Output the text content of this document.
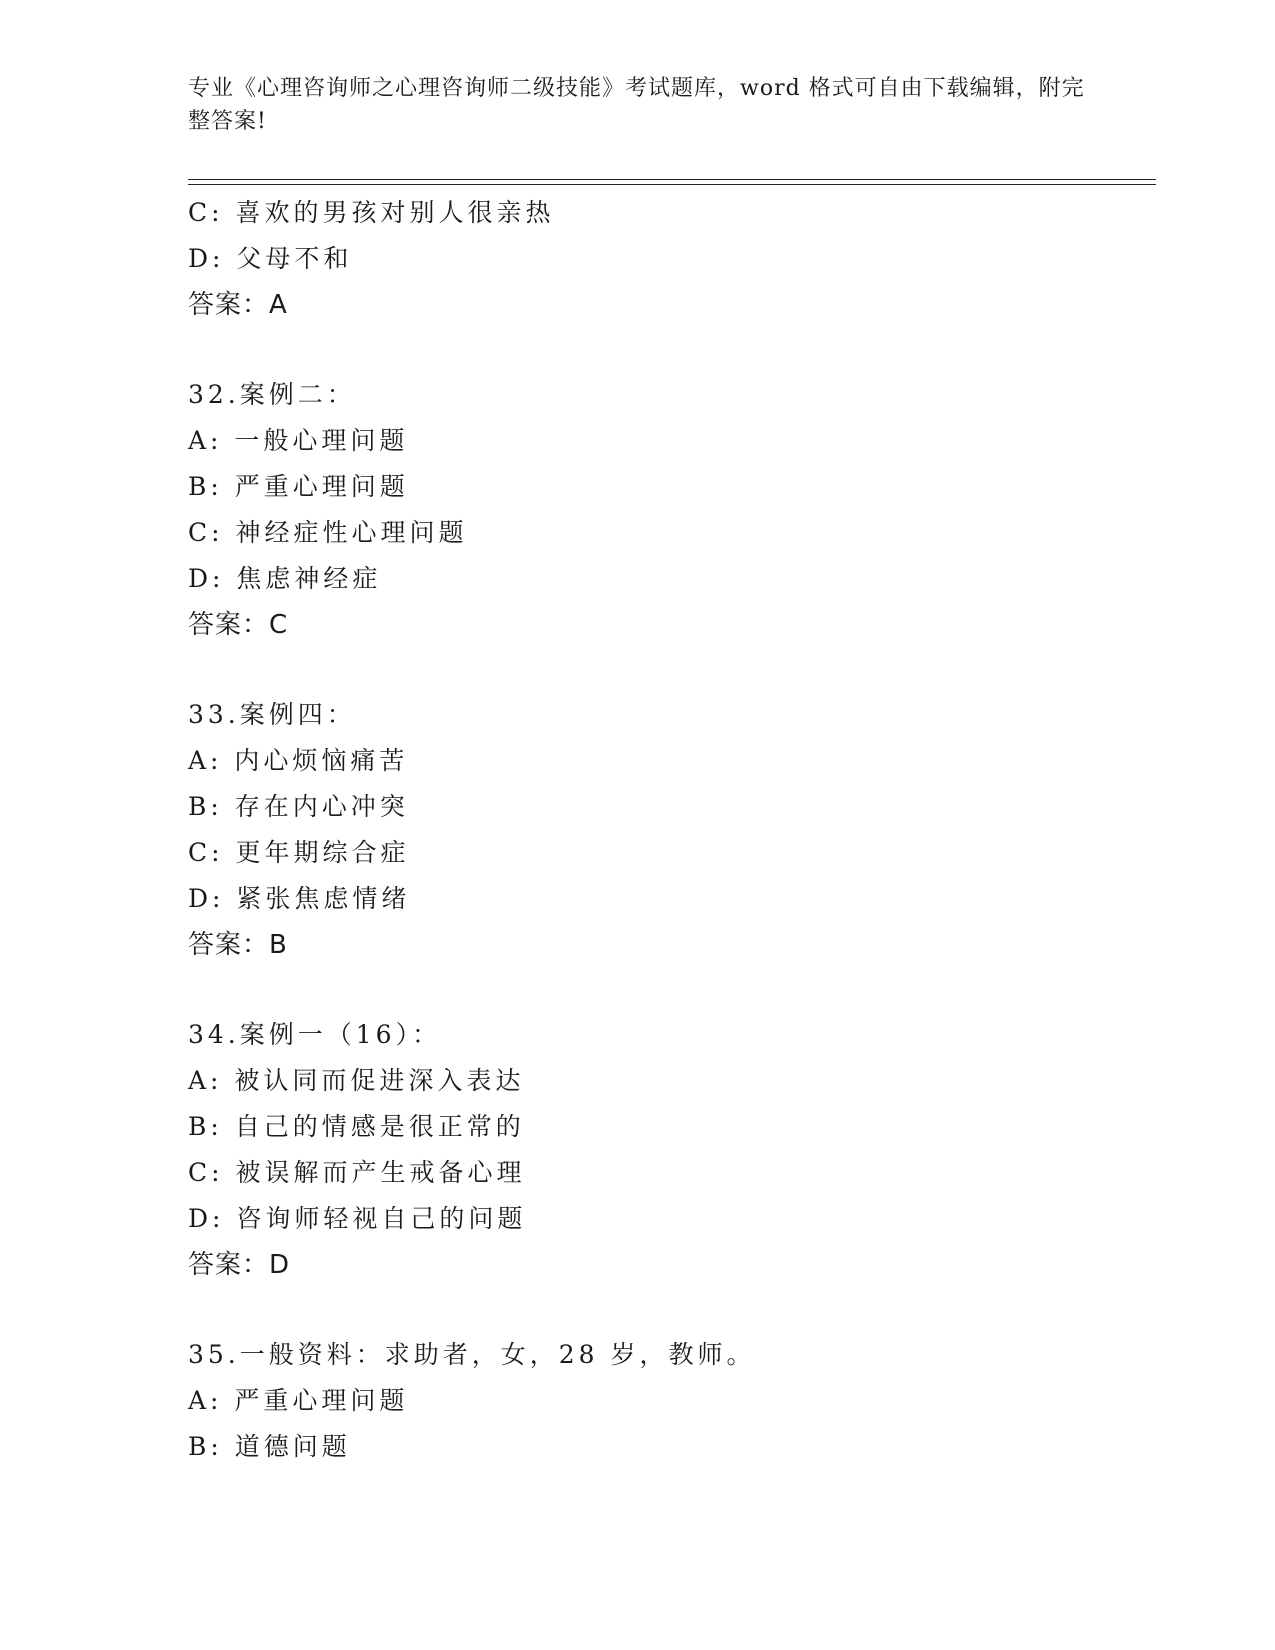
专业《心理咨询师之心理咨询师二级技能》考试题库，word 格式可自由下载编辑，附完整答案!
C: 喜欢的男孩对别人很亲热
D: 父母不和
答案：A
32.案例二：
A: 一般心理问题
B: 严重心理问题
C: 神经症性心理问题
D: 焦虑神经症
答案：C
33.案例四：
A: 内心烦恼痛苦
B: 存在内心冲突
C: 更年期综合症
D: 紧张焦虑情绪
答案：B
34.案例一（16）：
A: 被认同而促进深入表达
B: 自己的情感是很正常的
C: 被误解而产生戒备心理
D: 咨询师轻视自己的问题
答案：D
35.一般资料：求助者，女，28 岁，教师。
A: 严重心理问题
B: 道德问题
